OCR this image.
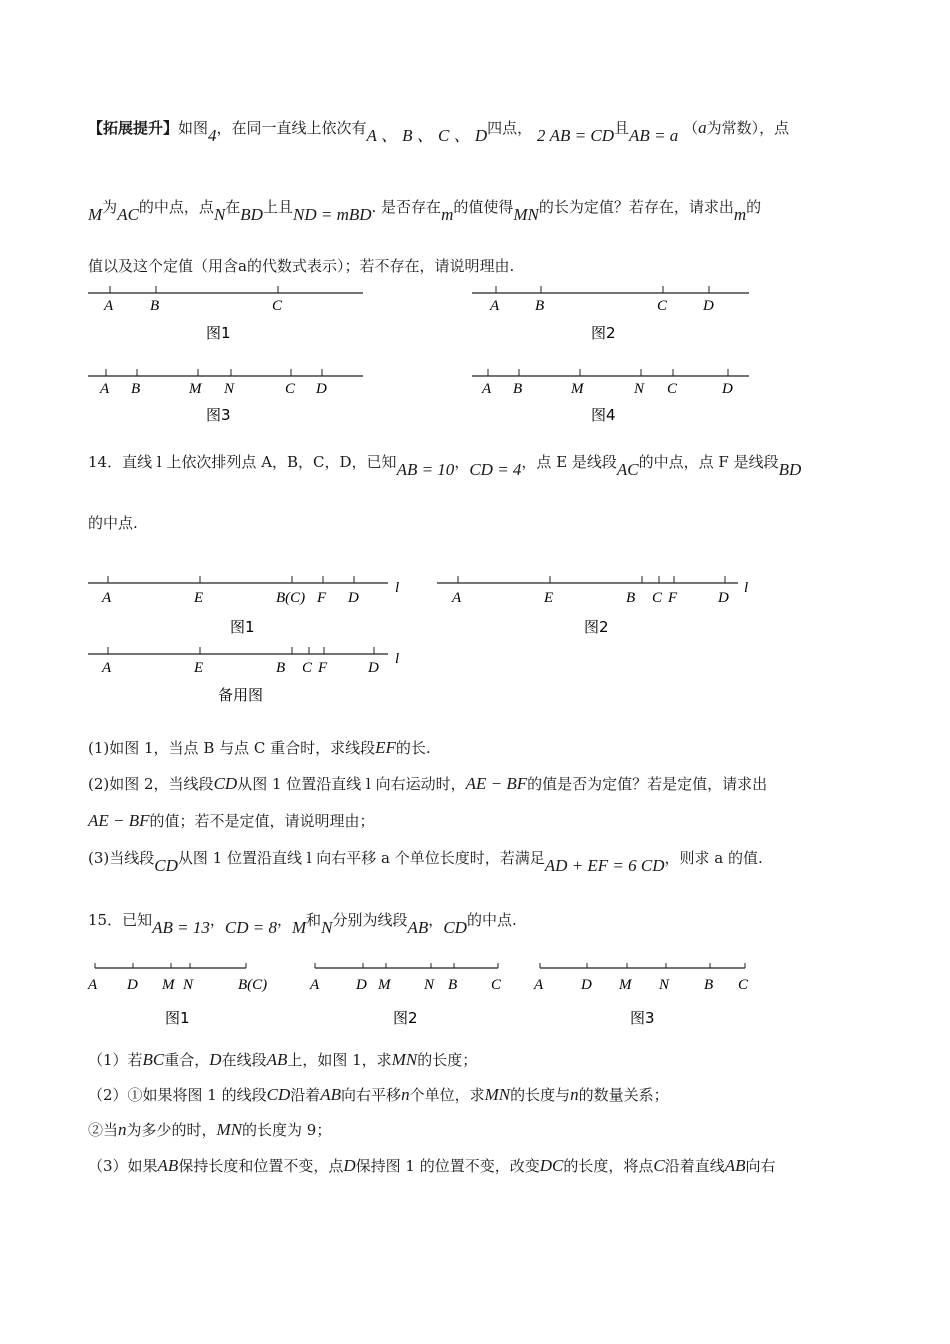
【拓展提升】如图4，在同一直线上依次有A 、 B 、 C 、 D四点， 2 AB = CD且AB = a （a为常数），点
M为AC的中点，点N在BD上且ND = mBD. 是否存在m的值使得MN的长为定值？若存在，请求出m的
值以及这个定值（用含a的代数式表示）；若不存在，请说明理由.
A B	C
图1
A B	C D
图2
A B	M N	C D
图3
A B	M	N C	D
图4
14．直线 l 上依次排列点 A，B，C，D，已知AB = 10，CD = 4，点 E 是线段AC的中点，点 F 是线段BD
的中点.
A	E	B(C) F D
l
图1
A	E	B C F	D
l
图2
A	E	B C F	D
l
备用图
(1)如图 1，当点 B 与点 C 重合时，求线段EF的长.
(2)如图 2，当线段CD从图 1 位置沿直线 l 向右运动时，AE − BF的值是否为定值？若是定值，请求出
AE − BF的值；若不是定值，请说明理由；
(3)当线段CD从图 1 位置沿直线 l 向右平移 a 个单位长度时，若满足AD + EF = 6 CD，则求 a 的值.
15．已知AB = 13，CD = 8，M和N分别为线段AB，CD的中点.
A D M N	B(C)
图1
A D M N B C
图2
A	D M N B C
图3
（1）若BC重合，D在线段AB上，如图 1，求MN的长度；
（2）①如果将图 1 的线段CD沿着AB向右平移n个单位，求MN的长度与n的数量关系；
②当n为多少的时，MN的长度为 9；
（3）如果AB保持长度和位置不变，点D保持图 1 的位置不变，改变DC的长度，将点C沿着直线AB向右
